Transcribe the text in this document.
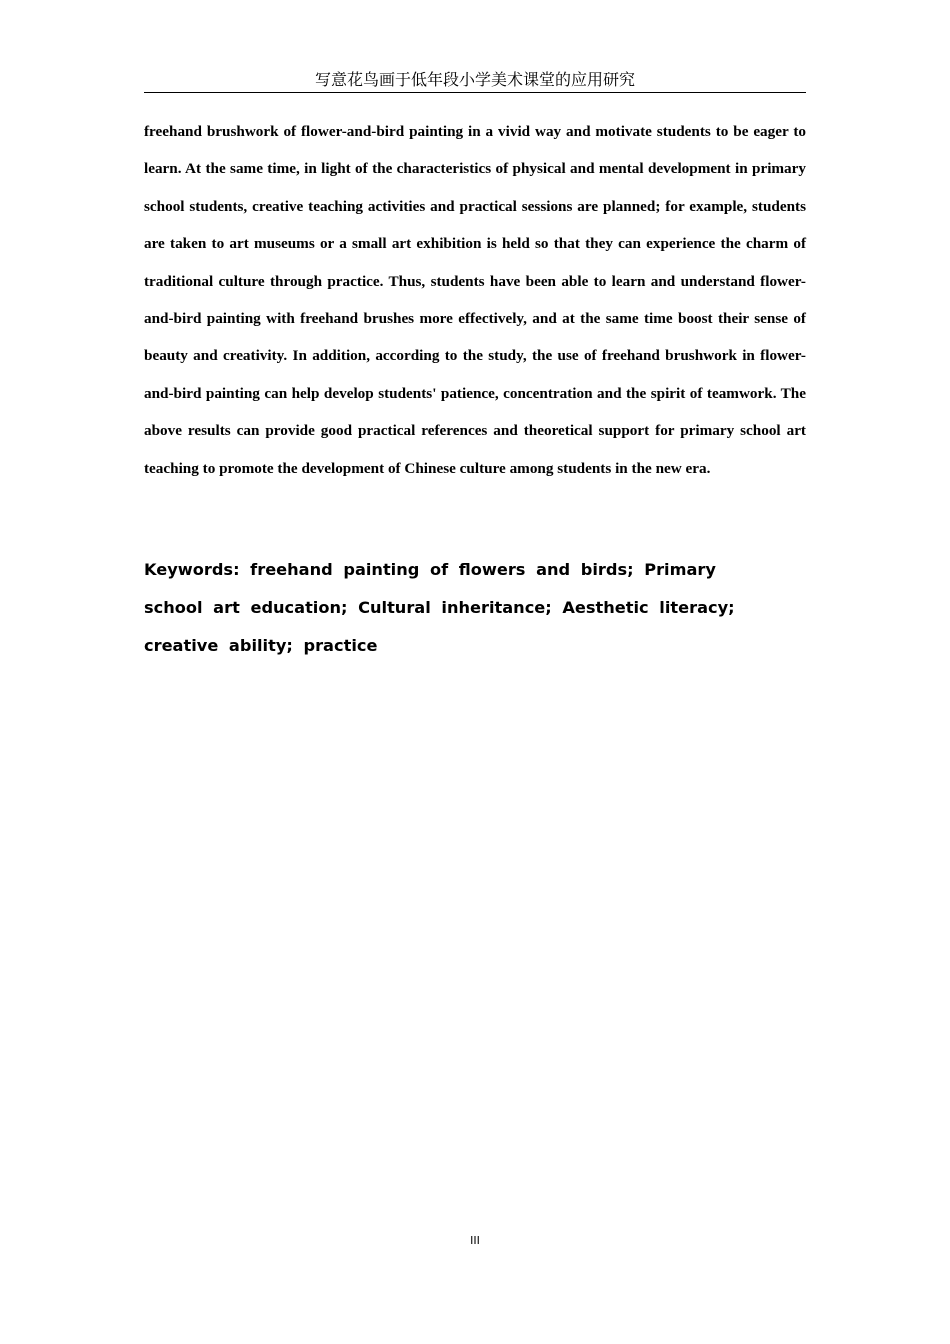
写意花鸟画于低年段小学美术课堂的应用研究

freehand brushwork of flower-and-bird painting in a vivid way and motivate students to be eager to learn. At the same time, in light of the characteristics of physical and mental development in primary school students, creative teaching activities and practical sessions are planned; for example, students are taken to art museums or a small art exhibition is held so that they can experience the charm of traditional culture through practice. Thus, students have been able to learn and understand flower-and-bird painting with freehand brushes more effectively, and at the same time boost their sense of beauty and creativity. In addition, according to the study, the use of freehand brushwork in flower-and-bird painting can help develop students' patience, concentration and the spirit of teamwork. The above results can provide good practical references and theoretical support for primary school art teaching to promote the development of Chinese culture among students in the new era.

Keywords: freehand painting of flowers and birds; Primary school art education; Cultural inheritance; Aesthetic literacy; creative ability; practice

III
